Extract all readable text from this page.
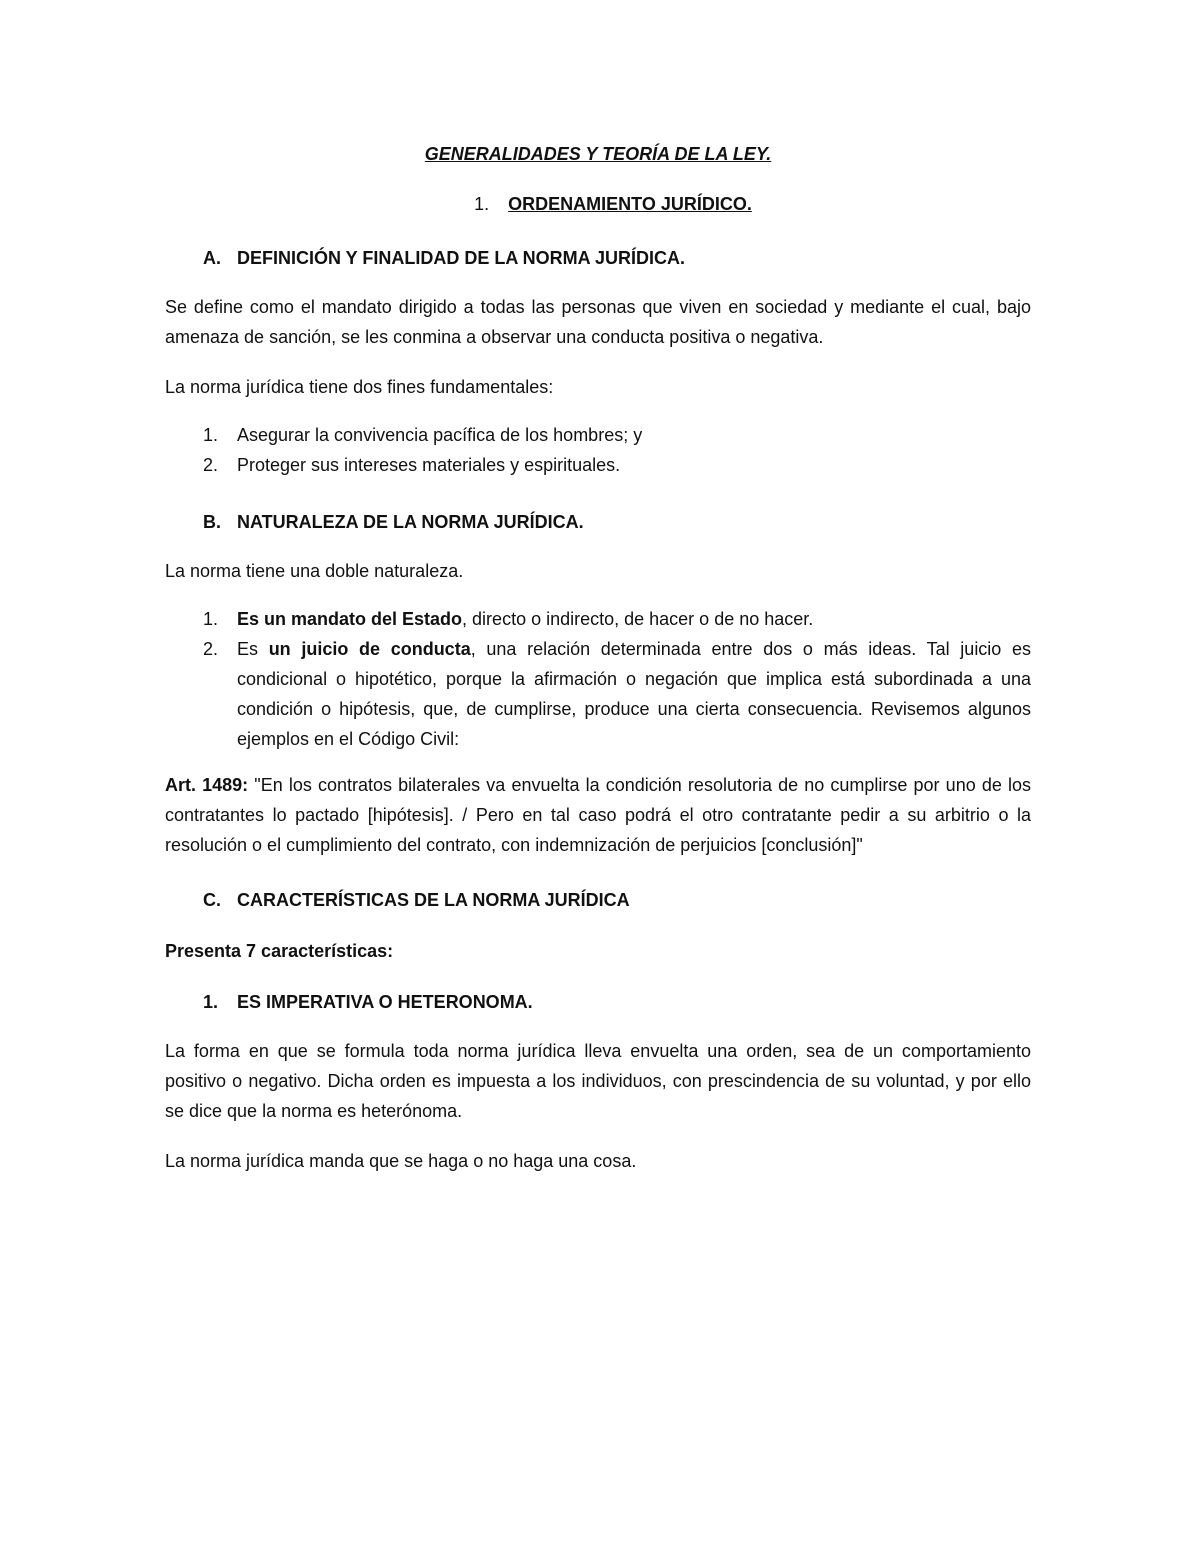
GENERALIDADES Y TEORÍA DE LA LEY.

1. ORDENAMIENTO JURÍDICO.
A. DEFINICIÓN Y FINALIDAD DE LA NORMA JURÍDICA.

Se define como el mandato dirigido a todas las personas que viven en sociedad y mediante el cual, bajo amenaza de sanción, se les conmina a observar una conducta positiva o negativa.

La norma jurídica tiene dos fines fundamentales:

1.	Asegurar la convivencia pacífica de los hombres; y
2.	Proteger sus intereses materiales y espirituales.
B. NATURALEZA DE LA NORMA JURÍDICA.

La norma tiene una doble naturaleza.

1.	Es un mandato del Estado, directo o indirecto, de hacer o de no hacer.
2.	Es un juicio de conducta, una relación determinada entre dos o más ideas. Tal juicio es condicional o hipotético, porque la afirmación o negación que implica está subordinada a una condición o hipótesis, que, de cumplirse, produce una cierta consecuencia. Revisemos algunos ejemplos en el Código Civil:

Art. 1489: "En los contratos bilaterales va envuelta la condición resolutoria de no cumplirse por uno de los contratantes lo pactado [hipótesis]. / Pero en tal caso podrá el otro contratante pedir a su arbitrio o la resolución o el cumplimiento del contrato, con indemnización de perjuicios [conclusión]"

C. CARACTERÍSTICAS DE LA NORMA JURÍDICA

Presenta 7 características:

1.	ES IMPERATIVA O HETERONOMA.

La forma en que se formula toda norma jurídica lleva envuelta una orden, sea de un comportamiento positivo o negativo. Dicha orden es impuesta a los individuos, con prescindencia de su voluntad, y por ello se dice que la norma es heterónoma.

La norma jurídica manda que se haga o no haga una cosa.
